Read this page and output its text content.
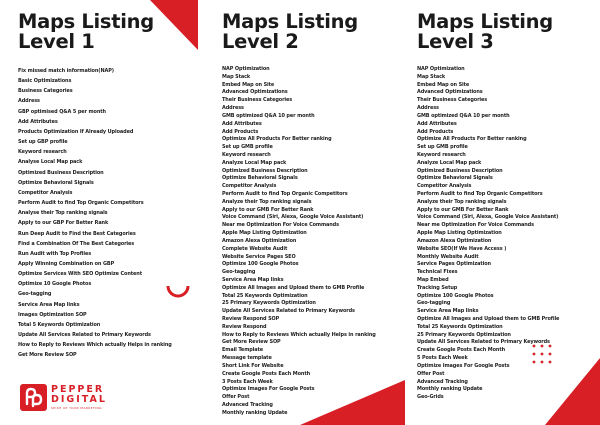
Maps Listing
Level 1
Fix missed match information(NAP)
Basic Optimizations
Business Categories
Address
GBP optimised Q&A 5 per month
Add Attributes
Products Optimization If Already Uploaded
Set up GBP profile
Keyword research
Analyse Local Map pack
Optimized Business Description
Optimize Behavioral Signals
Competitor Analysis
Perform Audit to find Top Organic Competitors
Analyse their Top ranking signals
Apply to our GBP For Better Rank
Run Deep Audit to Find the Best Categories
Find a Combination Of The Best Categories
Run Audit with Top Profiles
Apply Winning Combination on GBP
Optimize Services With SEO Optimize Content
Optimize 10 Google Photos
Geo-tagging
Service Area Map links
Images Optimization SOP
Total 5 Keywords Optimization
Update All Services Related to Primary Keywords
How to Reply to Reviews Which actually Helps in ranking
Get More Review SOP
Maps Listing
Level 2
NAP Optimization
Map Stack
Embed Map on Site
Advanced Optimizations
Their Business Categories
Address
GMB optimized Q&A 10 per month
Add Attributes
Add Products
Optimize All Products For Better ranking
Set up GMB profile
Keyword research
Analyze Local Map pack
Optimized Business Description
Optimize Behavioral Signals
Competitor Analysis
Perform Audit to find Top Organic Competitors
Analyze their Top ranking signals
Apply to our GMB For Better Rank
Voice Command (Siri, Alexa, Google Voice Assistant)
Near me Optimization For Voice Commands
Apple Map Listing Optimization
Amazon Alexa Optimization
Complete Website Audit
Website Service Pages SEO
Optimize 100 Google Photos
Geo-tagging
Service Area Map links
Optimize All Images and Upload them to GMB Profile
Total 25 Keywords Optimization
25 Primary Keywords Optimization
Update All Services Related to Primary Keywords
Review Respond SOP
Review Respond
How to Reply to Reviews Which actually Helps in ranking
Get More Review SOP
Email Template
Message template
Short Link For Website
Create Google Posts Each Month
3 Posts Each Week
Optimize Images For Google Posts
Offer Post
Advanced Tracking
Monthly ranking Update
Maps Listing
Level 3
NAP Optimization
Map Stack
Embed Map on Site
Advanced Optimizations
Their Business Categories
Address
GMB optimized Q&A 10 per month
Add Attributes
Add Products
Optimize All Products For Better ranking
Set up GMB profile
Keyword research
Analyze Local Map pack
Optimized Business Description
Optimize Behavioral Signals
Competitor Analysis
Perform Audit to find Top Organic Competitors
Analyze their Top ranking signals
Apply to our GMB For Better Rank
Voice Command (Siri, Alexa, Google Voice Assistant)
Near me Optimization For Voice Commands
Apple Map Listing Optimization
Amazon Alexa Optimization
Website SEO(If We Have Access )
Monthly Website Audit
Service Pages Optimization
Technical Fixes
Map Embed
Tracking Setup
Optimize 100 Google Photos
Geo-tagging
Service Area Map links
Optimize All Images and Upload them to GMB Profile
Total 25 Keywords Optimization
25 Primary Keywords Optimization
Update All Services Related to Primary Keywords
Create Google Posts Each Month
5 Posts Each Week
Optimize Images For Google Posts
Offer Post
Advanced Tracking
Monthly ranking Update
Geo-Grids
PEPPER
DIGITAL
SPICE UP YOUR MARKETING
